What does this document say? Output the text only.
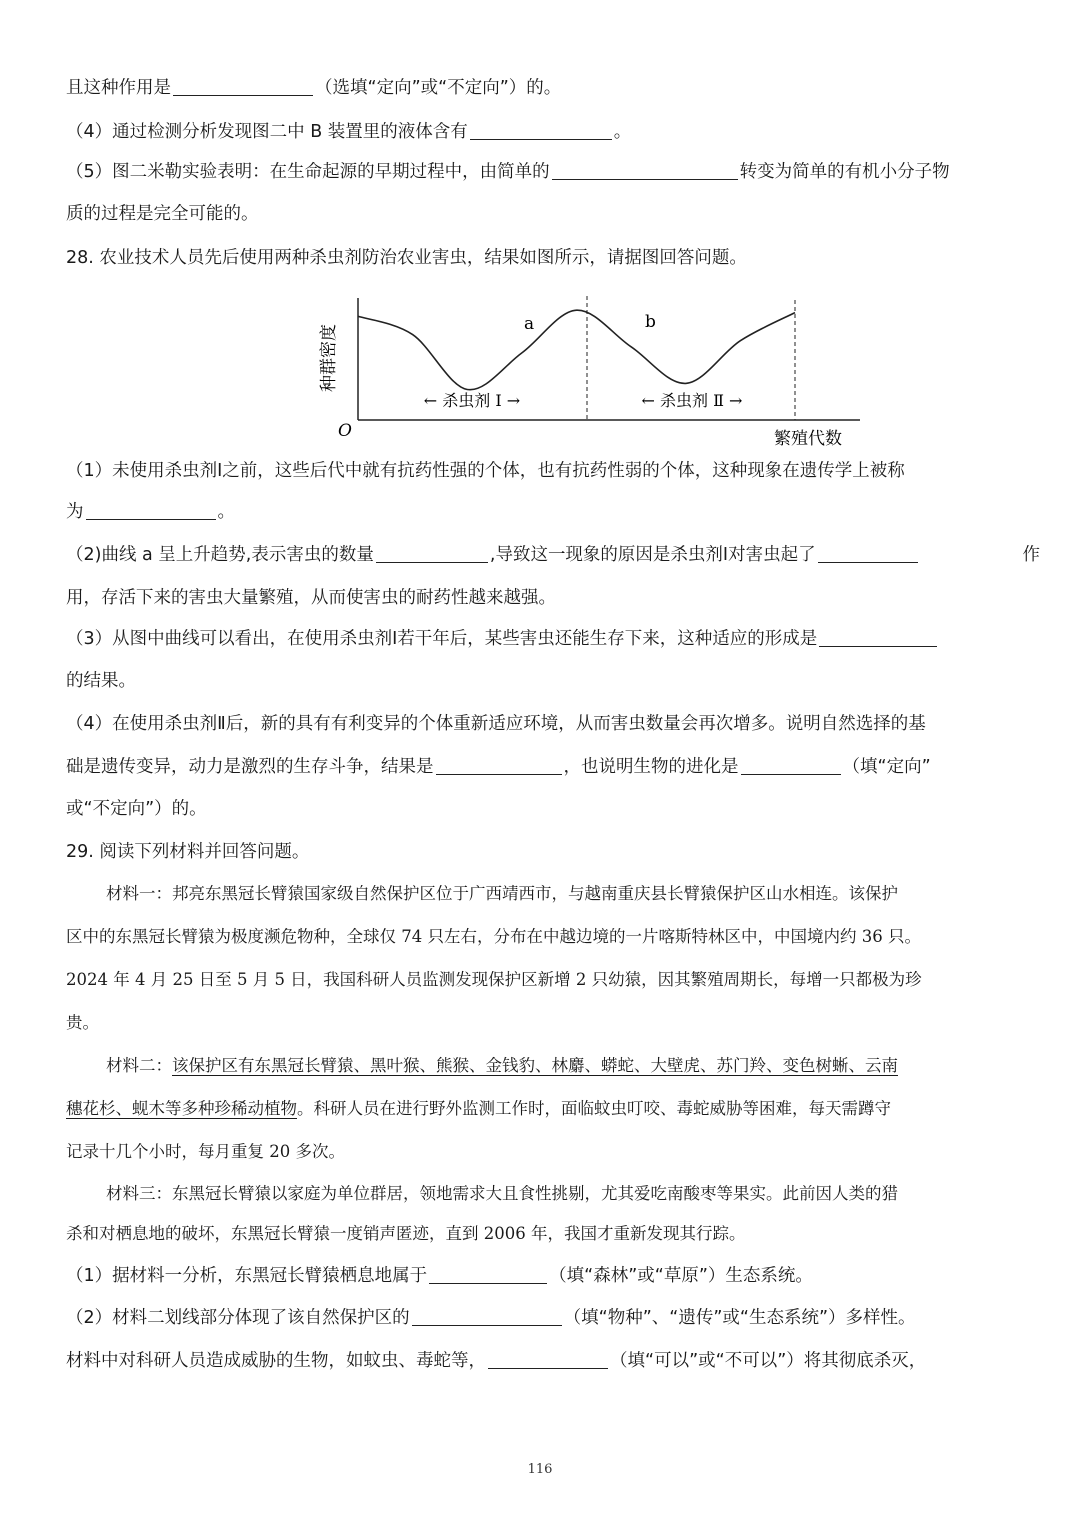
且这种作用是	（选填“定向”或“不定向”）的。
（4）通过检测分析发现图二中 B 装置里的液体含有	。
（5）图二米勒实验表明：在生命起源的早期过程中，由简单的	转变为简单的有机小分子物
质的过程是完全可能的。
28. 农业技术人员先后使用两种杀虫剂防治农业害虫，结果如图所示，请据图回答问题。
种群密度
O	繁殖代数
a	b
← 杀虫剂 Ⅰ →	← 杀虫剂 Ⅱ →
（1）未使用杀虫剂Ⅰ之前，这些后代中就有抗药性强的个体，也有抗药性弱的个体，这种现象在遗传学上被称
为	。
（2)曲线 a 呈上升趋势,表示害虫的数量	,导致这一现象的原因是杀虫剂Ⅰ对害虫起了	作
用，存活下来的害虫大量繁殖，从而使害虫的耐药性越来越强。
（3）从图中曲线可以看出，在使用杀虫剂Ⅰ若干年后，某些害虫还能生存下来，这种适应的形成是
的结果。
（4）在使用杀虫剂Ⅱ后，新的具有有利变异的个体重新适应环境，从而害虫数量会再次增多。说明自然选择的基
础是遗传变异，动力是激烈的生存斗争，结果是	，也说明生物的进化是	（填“定向”
或“不定向”）的。
29. 阅读下列材料并回答问题。
材料一：邦亮东黑冠长臂猿国家级自然保护区位于广西靖西市，与越南重庆县长臂猿保护区山水相连。该保护
区中的东黑冠长臂猿为极度濒危物种，全球仅 74 只左右，分布在中越边境的一片喀斯特林区中，中国境内约 36 只。
2024 年 4 月 25 日至 5 月 5 日，我国科研人员监测发现保护区新增 2 只幼猿，因其繁殖周期长，每增一只都极为珍
贵。
材料二：该保护区有东黑冠长臂猿、黑叶猴、熊猴、金钱豹、林麝、蟒蛇、大壁虎、苏门羚、变色树蜥、云南
穗花杉、蚬木等多种珍稀动植物。科研人员在进行野外监测工作时，面临蚊虫叮咬、毒蛇威胁等困难，每天需蹲守
记录十几个小时，每月重复 20 多次。
材料三：东黑冠长臂猿以家庭为单位群居，领地需求大且食性挑剔，尤其爱吃南酸枣等果实。此前因人类的猎
杀和对栖息地的破坏，东黑冠长臂猿一度销声匿迹，直到 2006 年，我国才重新发现其行踪。
（1）据材料一分析，东黑冠长臂猿栖息地属于	（填“森林”或“草原”）生态系统。
（2）材料二划线部分体现了该自然保护区的	（填“物种”、“遗传”或“生态系统”）多样性。
材料中对科研人员造成威胁的生物，如蚊虫、毒蛇等，	（填“可以”或“不可以”）将其彻底杀灭，
116
